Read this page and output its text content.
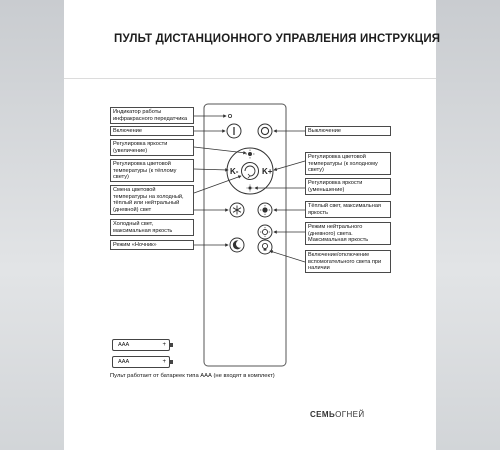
ПУЛЬТ ДИСТАНЦИОННОГО УПРАВЛЕНИЯ ИНСТРУКЦИЯ
K-	K+
Индикатор работы инфракрасного передатчика
Включение
Регулировка яркости (увеличение)
Регулировка цветовой температуры (к тёплому свету)
Смена цветовой температуры на холодный, тёплый или нейтральный (дневной) свет
Холодный свет, максимальная яркость
Режим «Ночник»
Выключение
Регулировка цветовой температуры (к холодному свету)
Регулировка яркости (уменьшение)
Тёплый свет, максимальная яркость
Режим нейтрального (дневного) света. Максимальная яркость
Включение/отключение вспомогательного света при наличии
AAA	+
AAA	+
Пульт работает от батареек типа ААА (не входят в комплект)
СЕМЬОГНЕЙ
